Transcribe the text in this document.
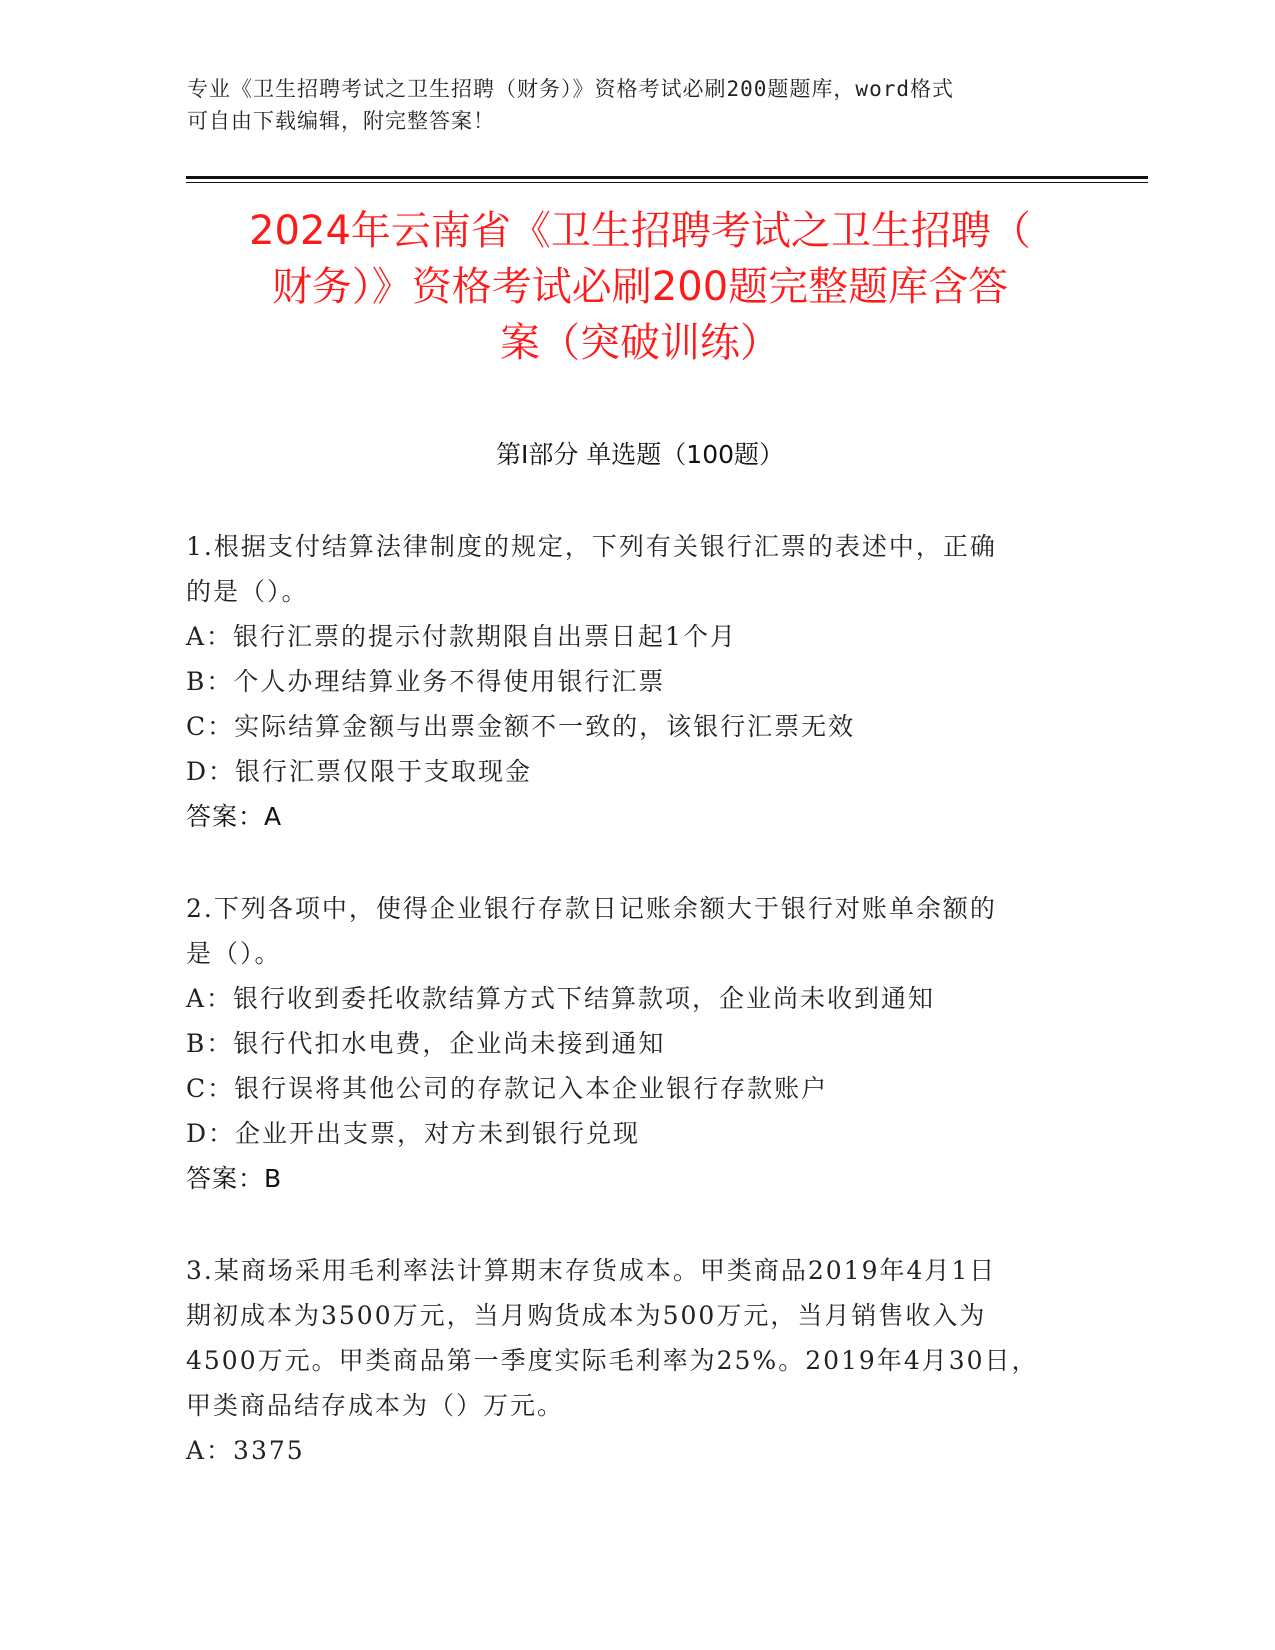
专业《卫生招聘考试之卫生招聘（财务）》资格考试必刷200题题库，word格式
可自由下载编辑，附完整答案！
2024年云南省《卫生招聘考试之卫生招聘（
财务）》资格考试必刷200题完整题库含答
案（突破训练）
第Ⅰ部分 单选题（100题）
1.根据支付结算法律制度的规定，下列有关银行汇票的表述中，正确
的是（）。
A：银行汇票的提示付款期限自出票日起1个月
B：个人办理结算业务不得使用银行汇票
C：实际结算金额与出票金额不一致的，该银行汇票无效
D：银行汇票仅限于支取现金
答案：A
2.下列各项中，使得企业银行存款日记账余额大于银行对账单余额的
是（）。
A：银行收到委托收款结算方式下结算款项，企业尚未收到通知
B：银行代扣水电费，企业尚未接到通知
C：银行误将其他公司的存款记入本企业银行存款账户
D：企业开出支票，对方未到银行兑现
答案：B
3.某商场采用毛利率法计算期末存货成本。甲类商品2019年4月1日
期初成本为3500万元，当月购货成本为500万元，当月销售收入为
4500万元。甲类商品第一季度实际毛利率为25%。2019年4月30日，
甲类商品结存成本为（）万元。
A：3375
